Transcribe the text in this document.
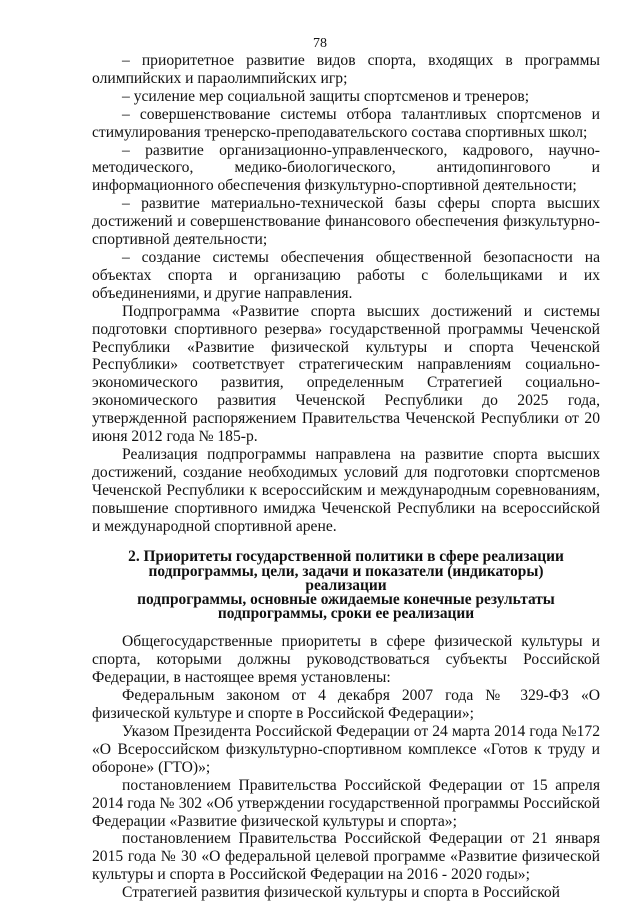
78

– приоритетное развитие видов спорта, входящих в программы олимпийских и параолимпийских игр;

– усиление мер социальной защиты спортсменов и тренеров;

– совершенствование системы отбора талантливых спортсменов и стимулирования тренерско-преподавательского состава спортивных школ;

– развитие организационно-управленческого, кадрового, научно-методического, медико-биологического, антидопингового и информационного обеспечения физкультурно-спортивной деятельности;

– развитие материально-технической базы сферы спорта высших достижений и совершенствование финансового обеспечения физкультурно-спортивной деятельности;

– создание системы обеспечения общественной безопасности на объектах спорта и организацию работы с болельщиками и их объединениями, и другие направления.

Подпрограмма «Развитие спорта высших достижений и системы подготовки спортивного резерва» государственной программы Чеченской Республики «Развитие физической культуры и спорта Чеченской Республики» соответствует стратегическим направлениям социально-экономического развития, определенным Стратегией социально-экономического развития Чеченской Республики до 2025 года, утвержденной распоряжением Правительства Чеченской Республики от 20 июня 2012 года № 185-р.

Реализация подпрограммы направлена на развитие спорта высших достижений, создание необходимых условий для подготовки спортсменов Чеченской Республики к всероссийским и международным соревнованиям, повышение спортивного имиджа Чеченской Республики на всероссийской и международной спортивной арене.

2. Приоритеты государственной политики в сфере реализации
подпрограммы, цели, задачи и показатели (индикаторы) реализации
подпрограммы, основные ожидаемые конечные результаты
подпрограммы, сроки ее реализации

Общегосударственные приоритеты в сфере физической культуры и спорта, которыми должны руководствоваться субъекты Российской Федерации, в настоящее время установлены:

Федеральным законом от 4 декабря 2007 года № 329-ФЗ «О физической культуре и спорте в Российской Федерации»;

Указом Президента Российской Федерации от 24 марта 2014 года №172 «О Всероссийском физкультурно-спортивном комплексе «Готов к труду и обороне» (ГТО)»;

постановлением Правительства Российской Федерации от 15 апреля 2014 года № 302 «Об утверждении государственной программы Российской Федерации «Развитие физической культуры и спорта»;

постановлением Правительства Российской Федерации от 21 января 2015 года № 30 «О федеральной целевой программе «Развитие физической культуры и спорта в Российской Федерации на 2016 - 2020 годы»;

Стратегией развития физической культуры и спорта в Российской
